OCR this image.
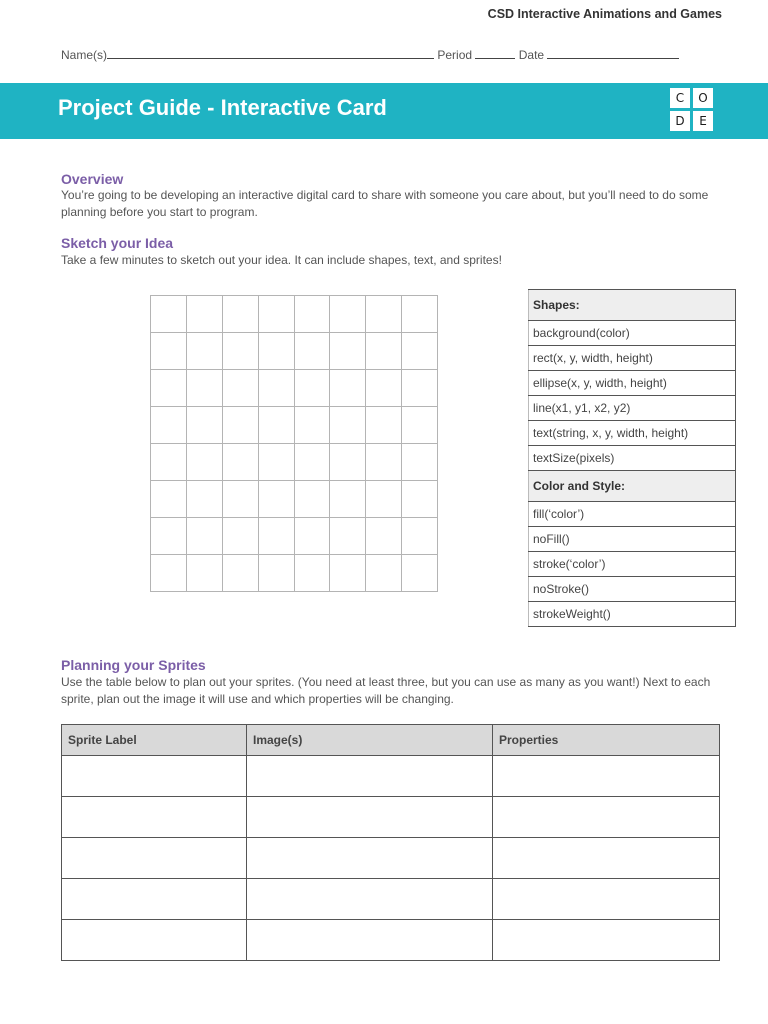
CSD Interactive Animations and Games
Name(s)	Period	Date
Project Guide - Interactive Card	C	O
D	E
Overview
You’re going to be developing an interactive digital card to share with someone you care about, but you’ll need to do some planning before you start to program.
Sketch your Idea
Take a few minutes to sketch out your idea. It can include shapes, text, and sprites!

Shapes:
background(color)
rect(x, y, width, height)
ellipse(x, y, width, height)
line(x1, y1, x2, y2)
text(string, x, y, width, height)
textSize(pixels)
Color and Style:
fill(‘color’)
noFill()
stroke(‘color’)
noStroke()
strokeWeight()
Planning your Sprites
Use the table below to plan out your sprites. (You need at least three, but you can use as many as you want!) Next to each sprite, plan out the image it will use and which properties will be changing.
Sprite Label	Image(s)	Properties
